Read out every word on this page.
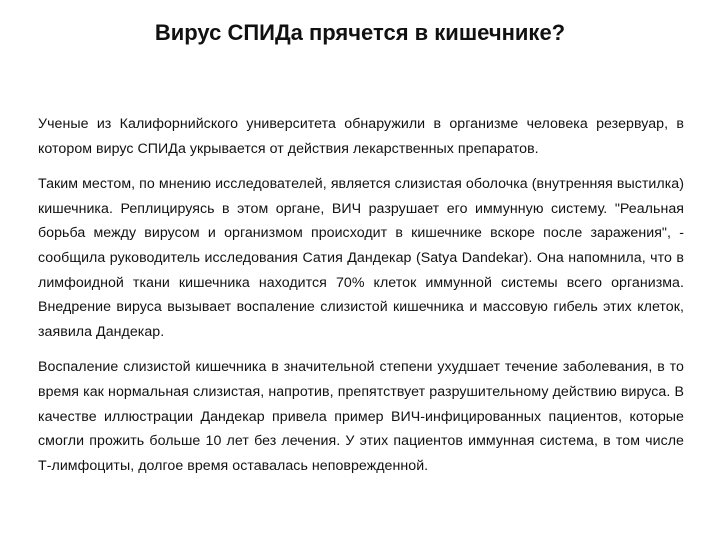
Вирус СПИДа прячется в кишечнике?

Ученые из Калифорнийского университета обнаружили в организме человека резервуар, в котором вирус СПИДа укрывается от действия лекарственных препаратов.

Таким местом, по мнению исследователей, является слизистая оболочка (внутренняя выстилка) кишечника. Реплицируясь в этом органе, ВИЧ разрушает его иммунную систему. "Реальная борьба между вирусом и организмом происходит в кишечнике вскоре после заражения", - сообщила руководитель исследования Сатия Дандекар (Satya Dandekar). Она напомнила, что в лимфоидной ткани кишечника находится 70% клеток иммунной системы всего организма. Внедрение вируса вызывает воспаление слизистой кишечника и массовую гибель этих клеток, заявила Дандекар.

Воспаление слизистой кишечника в значительной степени ухудшает течение заболевания, в то время как нормальная слизистая, напротив, препятствует разрушительному действию вируса. В качестве иллюстрации Дандекар привела пример ВИЧ-инфицированных пациентов, которые смогли прожить больше 10 лет без лечения. У этих пациентов иммунная система, в том числе Т-лимфоциты, долгое время оставалась неповрежденной.
